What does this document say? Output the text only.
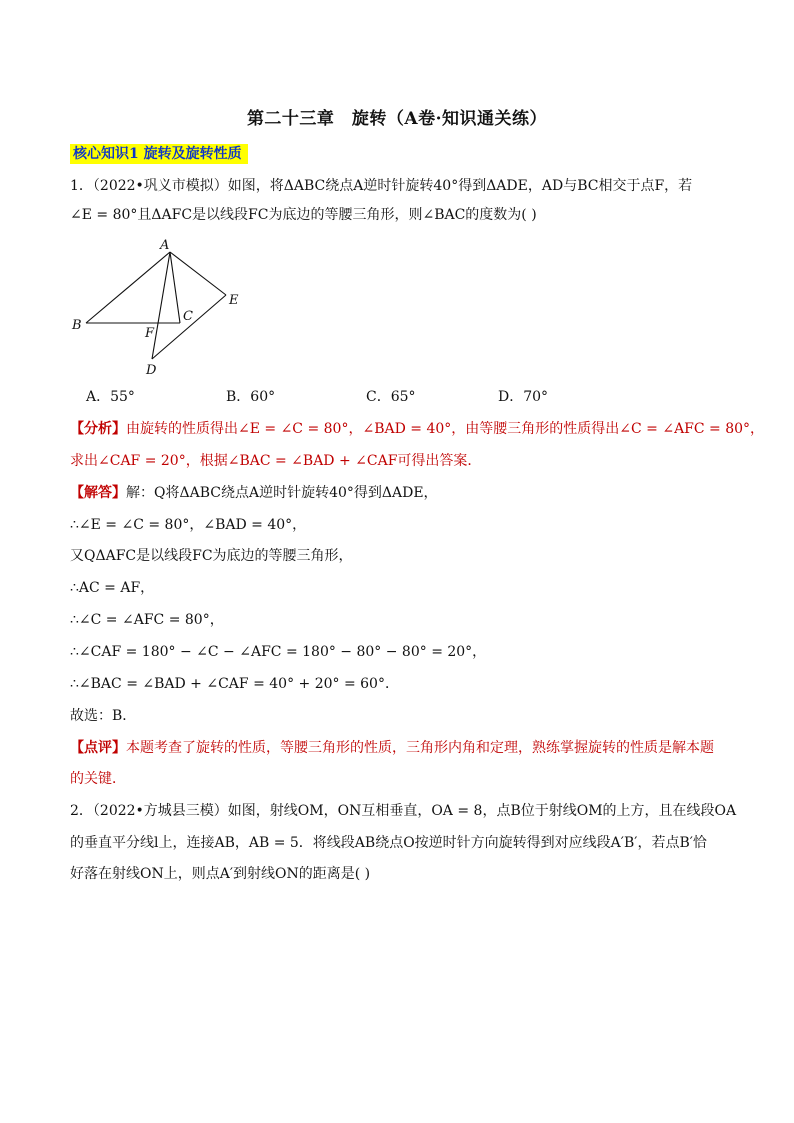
第二十三章　旋转（A卷·知识通关练）
核心知识1 旋转及旋转性质
1．（2022•巩义市模拟）如图，将ΔABC绕点A逆时针旋转40°得到ΔADE，AD与BC相交于点F，若
∠E = 80°且ΔAFC是以线段FC为底边的等腰三角形，则∠BAC的度数为( )
A
B
C
D
E
F
A．55°	B．60°	C．65°	D．70°
【分析】由旋转的性质得出∠E = ∠C = 80°，∠BAD = 40°，由等腰三角形的性质得出∠C = ∠AFC = 80°，
求出∠CAF = 20°，根据∠BAC = ∠BAD + ∠CAF可得出答案．
【解答】解：Q将ΔABC绕点A逆时针旋转40°得到ΔADE，
∴∠E = ∠C = 80°，∠BAD = 40°，
又QΔAFC是以线段FC为底边的等腰三角形，
∴AC = AF，
∴∠C = ∠AFC = 80°，
∴∠CAF = 180° − ∠C − ∠AFC = 180° − 80° − 80° = 20°，
∴∠BAC = ∠BAD + ∠CAF = 40° + 20° = 60°．
故选：B．
【点评】本题考查了旋转的性质，等腰三角形的性质，三角形内角和定理，熟练掌握旋转的性质是解本题
的关键．
2．（2022•方城县三模）如图，射线OM，ON互相垂直，OA = 8，点B位于射线OM的上方，且在线段OA
的垂直平分线l上，连接AB，AB = 5．将线段AB绕点O按逆时针方向旋转得到对应线段A′B′，若点B′恰
好落在射线ON上，则点A′到射线ON的距离是( )
